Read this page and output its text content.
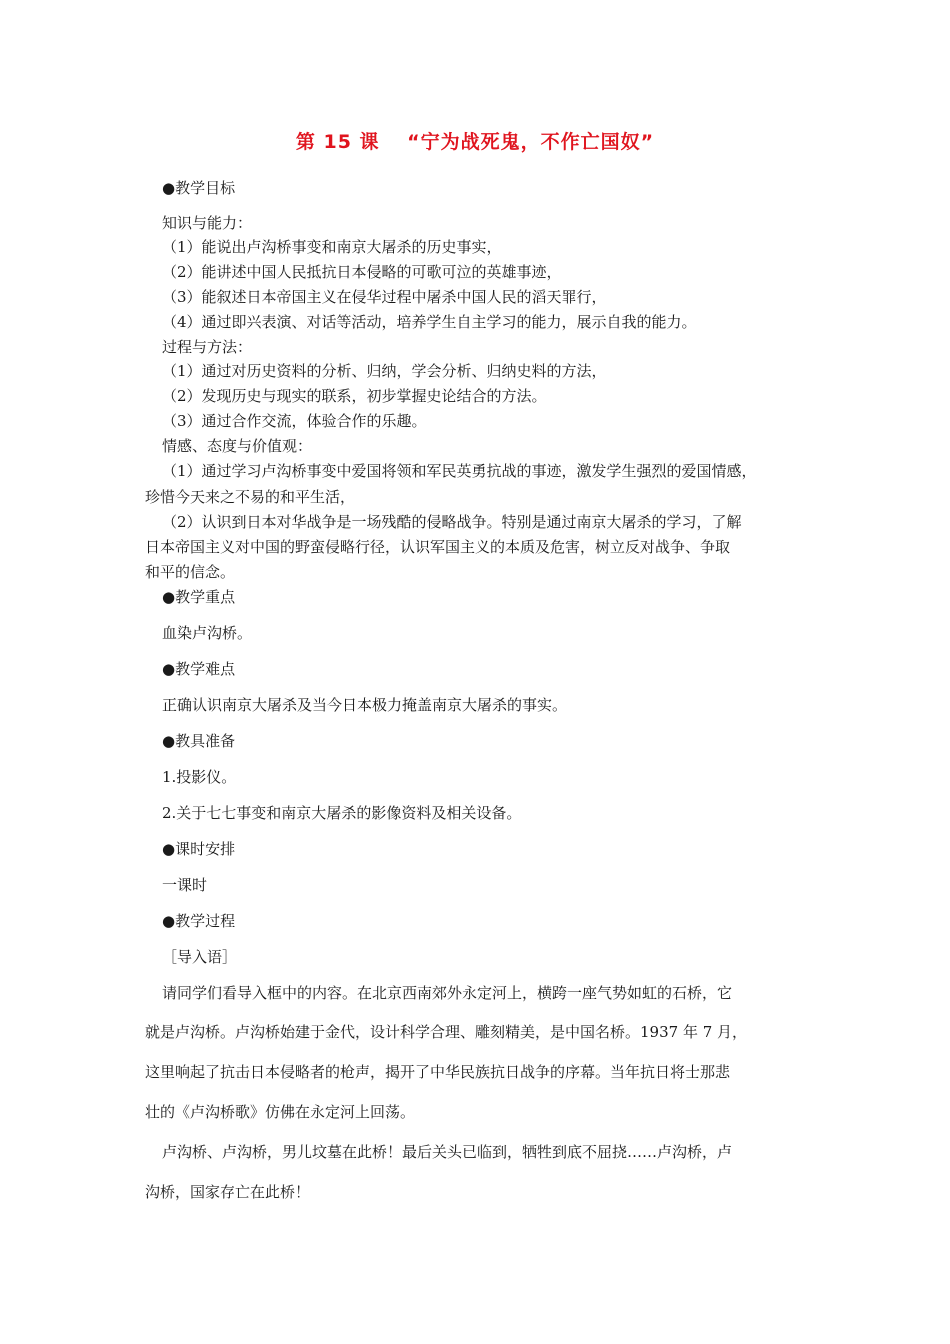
第 15 课　 “宁为战死鬼，不作亡国奴”
●教学目标
知识与能力：
（1）能说出卢沟桥事变和南京大屠杀的历史事实，
（2）能讲述中国人民抵抗日本侵略的可歌可泣的英雄事迹，
（3）能叙述日本帝国主义在侵华过程中屠杀中国人民的滔天罪行，
（4）通过即兴表演、对话等活动，培养学生自主学习的能力，展示自我的能力。
过程与方法：
（1）通过对历史资料的分析、归纳，学会分析、归纳史料的方法，
（2）发现历史与现实的联系，初步掌握史论结合的方法。
（3）通过合作交流，体验合作的乐趣。
情感、态度与价值观：
（1）通过学习卢沟桥事变中爱国将领和军民英勇抗战的事迹，激发学生强烈的爱国情感，
珍惜今天来之不易的和平生活，
（2）认识到日本对华战争是一场残酷的侵略战争。特别是通过南京大屠杀的学习，了解
日本帝国主义对中国的野蛮侵略行径，认识军国主义的本质及危害，树立反对战争、争取
和平的信念。
●教学重点
血染卢沟桥。
●教学难点
正确认识南京大屠杀及当今日本极力掩盖南京大屠杀的事实。
●教具准备
1.投影仪。
2.关于七七事变和南京大屠杀的影像资料及相关设备。
●课时安排
一课时
●教学过程
［导入语］
请同学们看导入框中的内容。在北京西南郊外永定河上，横跨一座气势如虹的石桥，它
就是卢沟桥。卢沟桥始建于金代，设计科学合理、雕刻精美，是中国名桥。1937 年 7 月，
这里响起了抗击日本侵略者的枪声，揭开了中华民族抗日战争的序幕。当年抗日将士那悲
壮的《卢沟桥歌》仿佛在永定河上回荡。
卢沟桥、卢沟桥，男儿坟墓在此桥！最后关头已临到，牺牲到底不屈挠……卢沟桥，卢
沟桥，国家存亡在此桥！
